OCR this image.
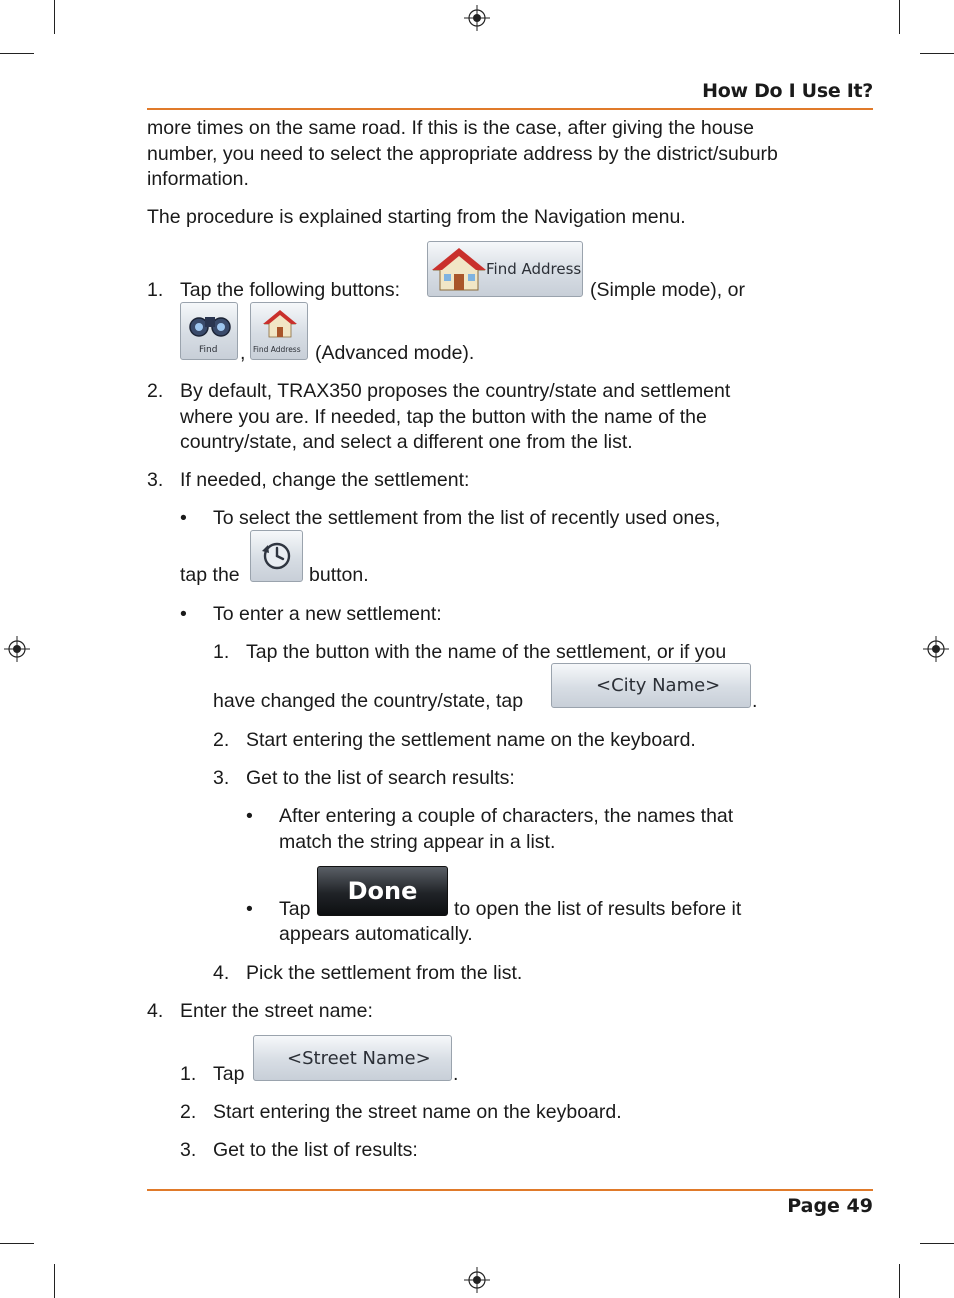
How Do I Use It?
more times on the same road. If this is the case, after giving the house
number, you need to select the appropriate address by the district/suburb
information.
The procedure is explained starting from the Navigation menu.
1. Tap the following buttons:
Find Address
(Simple mode), or
Find , Find Address (Advanced mode).
2. By default, TRAX350 proposes the country/state and settlement
where you are. If needed, tap the button with the name of the
country/state, and select a different one from the list.
3. If needed, change the settlement:
• To select the settlement from the list of recently used ones,
tap the	button.
• To enter a new settlement:
1. Tap the button with the name of the settlement, or if you
have changed the country/state, tap
<City Name>
.
2. Start entering the settlement name on the keyboard.
3. Get to the list of search results:
• After entering a couple of characters, the names that
match the string appear in a list.
• Tap
Done
to open the list of results before it
appears automatically.
4. Pick the settlement from the list.
4. Enter the street name:
1. Tap
<Street Name>
.
2. Start entering the street name on the keyboard.
3. Get to the list of results:
Page 49
